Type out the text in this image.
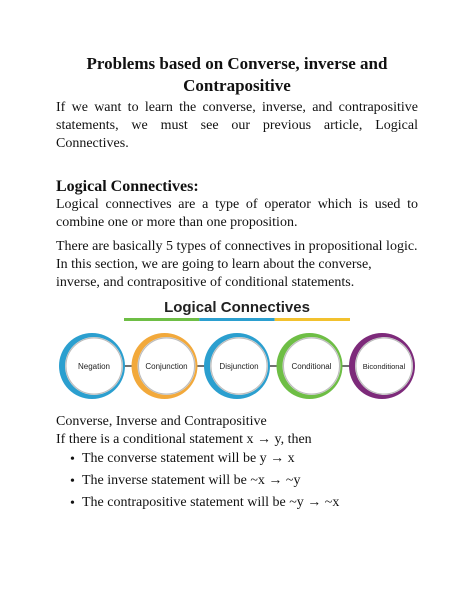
Problems based on Converse, inverse and
Contrapositive
If we want to learn the converse, inverse, and contrapositive statements, we must see our previous article, Logical Connectives.
Logical Connectives:
Logical connectives are a type of operator which is used to combine one or more than one proposition.
There are basically 5 types of connectives in propositional logic. In this section, we are going to learn about the converse, inverse, and contrapositive of conditional statements.
Logical Connectives
Negation	Conjunction	Disjunction	Conditional	Biconditional
Converse, Inverse and Contrapositive
If there is a conditional statement x → y, then
• The converse statement will be y → x
• The inverse statement will be ~x → ~y
• The contrapositive statement will be ~y → ~x
